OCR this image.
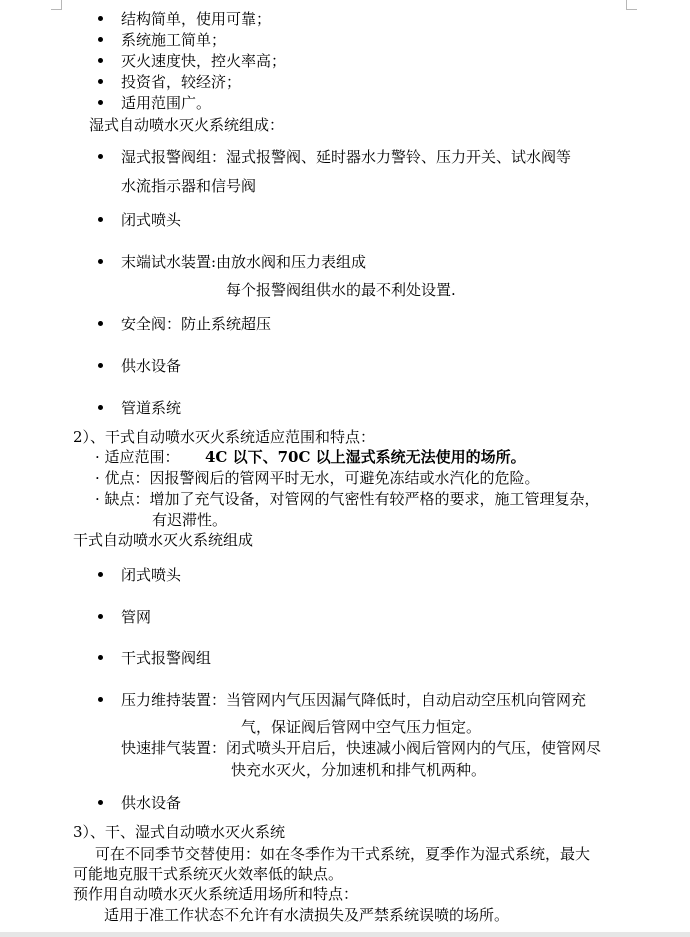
结构简单，使用可靠；
系统施工简单；
灭火速度快，控火率高；
投资省，较经济；
适用范围广。
湿式自动喷水灭火系统组成：
湿式报警阀组：湿式报警阀、延时器水力警铃、压力开关、试水阀等
水流指示器和信号阀
闭式喷头
末端试水装置:由放水阀和压力表组成
每个报警阀组供水的最不利处设置.
安全阀：防止系统超压
供水设备
管道系统
2）、干式自动喷水灭火系统适应范围和特点：
· 适应范围： 4C 以下、70C 以上湿式系统无法使用的场所。
· 优点：因报警阀后的管网平时无水，可避免冻结或水汽化的危险。
· 缺点：增加了充气设备，对管网的气密性有较严格的要求，施工管理复杂，
有迟滞性。
干式自动喷水灭火系统组成
闭式喷头
管网
干式报警阀组
压力维持装置：当管网内气压因漏气降低时，自动启动空压机向管网充
气，保证阀后管网中空气压力恒定。
快速排气装置：闭式喷头开启后，快速减小阀后管网内的气压，使管网尽
快充水灭火，分加速机和排气机两种。
供水设备
3）、干、湿式自动喷水灭火系统
可在不同季节交替使用：如在冬季作为干式系统，夏季作为湿式系统，最大
可能地克服干式系统灭火效率低的缺点。
预作用自动喷水灭火系统适用场所和特点：
适用于准工作状态不允许有水渍损失及严禁系统误喷的场所。
